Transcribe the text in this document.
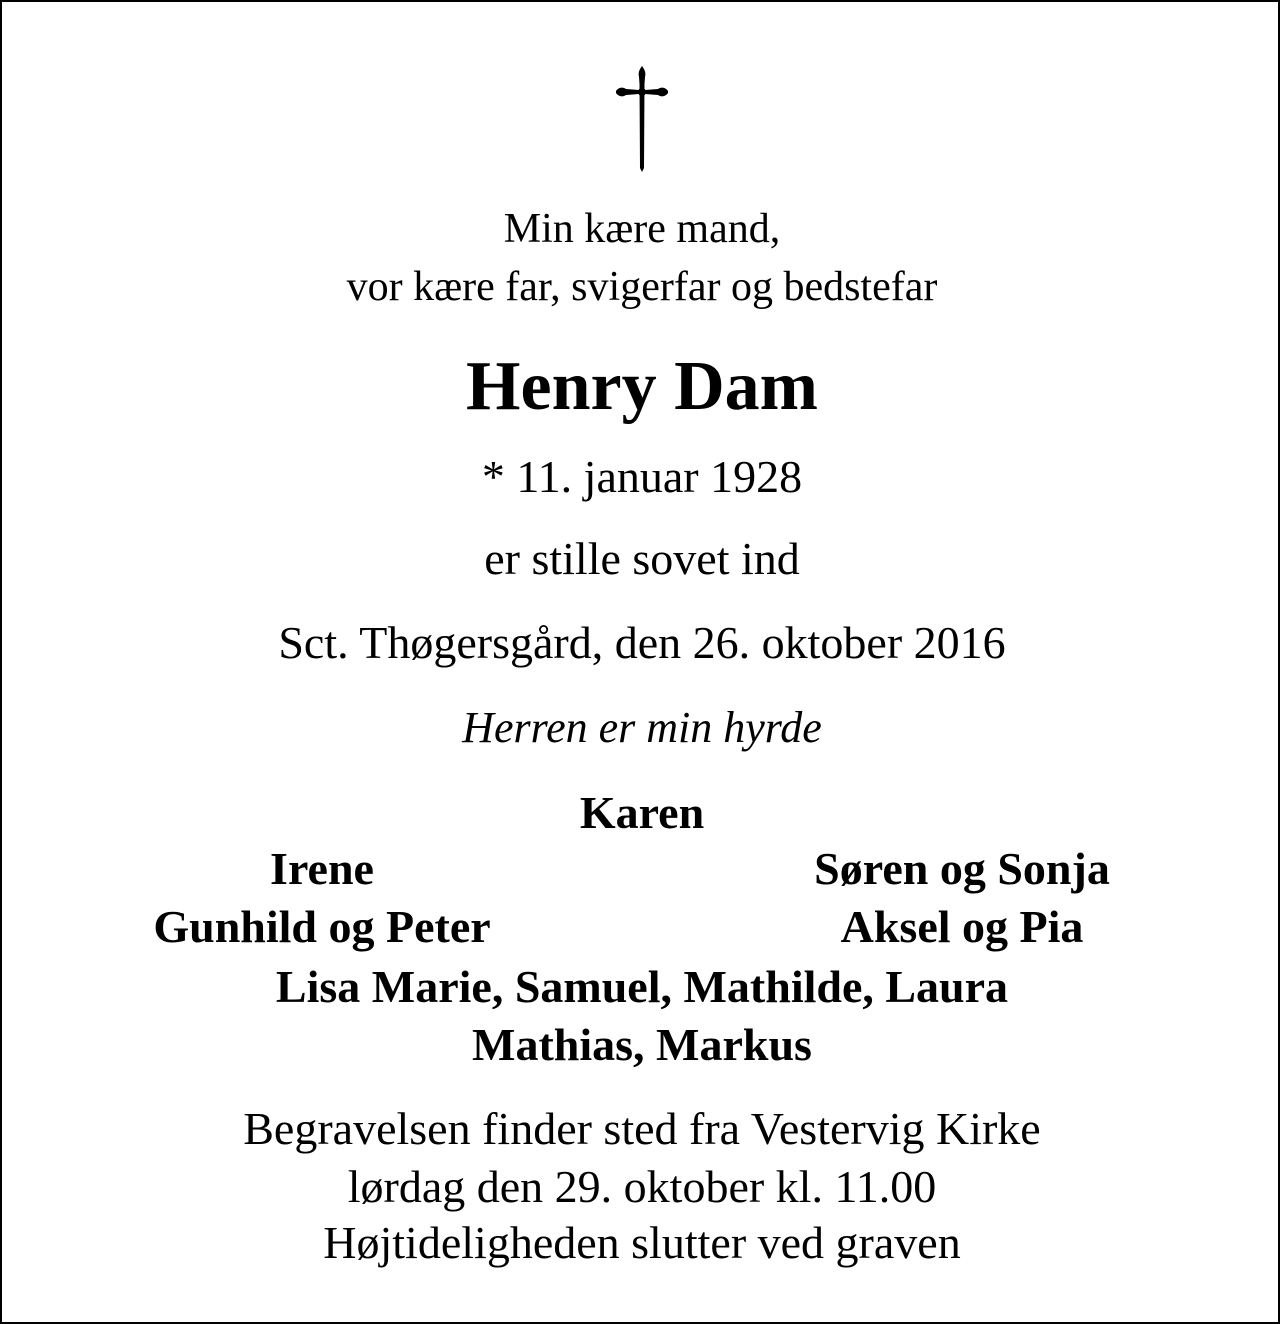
Min kære mand,
vor kære far, svigerfar og bedstefar
Henry Dam
* 11. januar 1928
er stille sovet ind
Sct. Thøgersgård, den 26. oktober 2016
Herren er min hyrde
Karen
Irene	Søren og Sonja
Gunhild og Peter	Aksel og Pia
Lisa Marie, Samuel, Mathilde, Laura
Mathias, Markus
Begravelsen finder sted fra Vestervig Kirke
lørdag den 29. oktober kl. 11.00
Højtideligheden slutter ved graven
